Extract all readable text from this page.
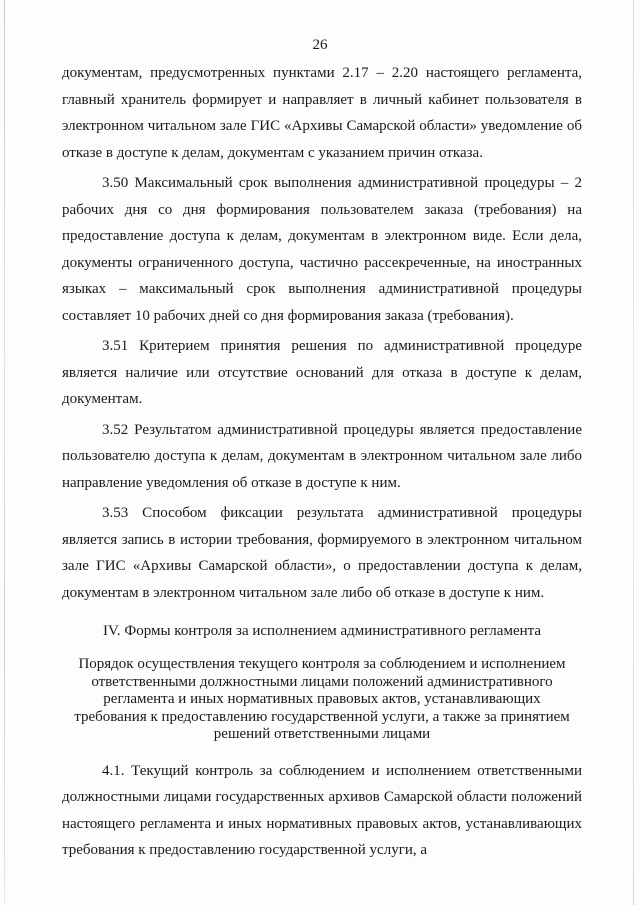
26

документам, предусмотренных пунктами 2.17 – 2.20 настоящего регламента, главный хранитель формирует и направляет в личный кабинет пользователя в электронном читальном зале ГИС «Архивы Самарской области» уведомление об отказе в доступе к делам, документам с указанием причин отказа.

3.50 Максимальный срок выполнения административной процедуры – 2 рабочих дня со дня формирования пользователем заказа (требования) на предоставление доступа к делам, документам в электронном виде. Если дела, документы ограниченного доступа, частично рассекреченные, на иностранных языках – максимальный срок выполнения административной процедуры составляет 10 рабочих дней со дня формирования заказа (требования).

3.51 Критерием принятия решения по административной процедуре является наличие или отсутствие оснований для отказа в доступе к делам, документам.

3.52 Результатом административной процедуры является предоставление пользователю доступа к делам, документам в электронном читальном зале либо направление уведомления об отказе в доступе к ним.

3.53 Способом фиксации результата административной процедуры является запись в истории требования, формируемого в электронном читальном зале ГИС «Архивы Самарской области», о предоставлении доступа к делам, документам в электронном читальном зале либо об отказе в доступе к ним.

IV. Формы контроля за исполнением административного регламента

Порядок осуществления текущего контроля за соблюдением и исполнением ответственными должностными лицами положений административного регламента и иных нормативных правовых актов, устанавливающих требования к предоставлению государственной услуги, а также за принятием решений ответственными лицами

4.1. Текущий контроль за соблюдением и исполнением ответственными должностными лицами государственных архивов Самарской области положений настоящего регламента и иных нормативных правовых актов, устанавливающих требования к предоставлению государственной услуги, а
